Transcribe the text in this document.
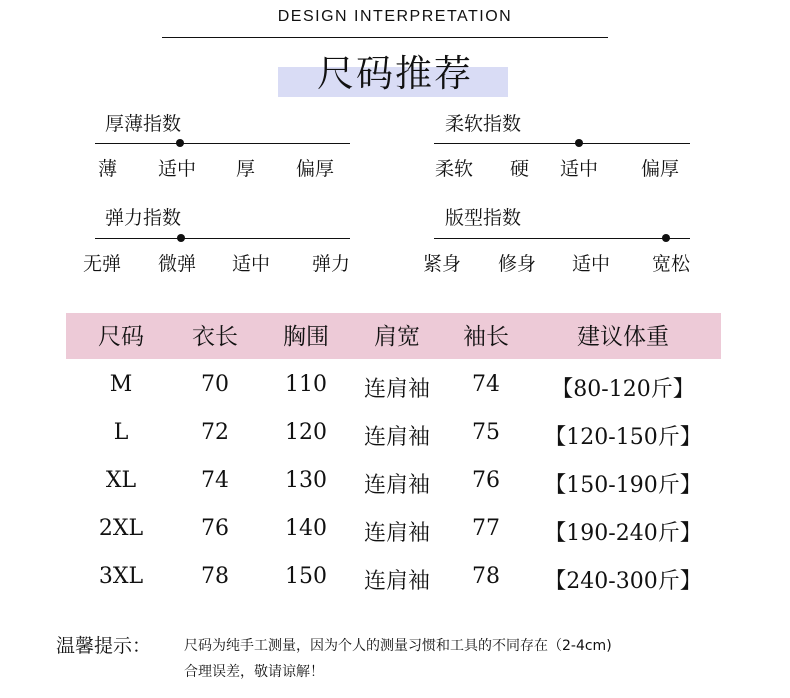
DESIGN INTERPRETATION
尺码推荐
厚薄指数
薄 适中 厚 偏厚
柔软指数
柔软 硬 适中 偏厚
弹力指数
无弹 微弹 适中 弹力
版型指数
紧身 修身 适中 宽松
尺码 衣长 胸围 肩宽 袖长	建议体重
M	70	110 连肩袖 74 【80-120斤】
L	72	120 连肩袖 75 【120-150斤】
XL	74	130 连肩袖 76 【150-190斤】
2XL	76	140 连肩袖 77 【190-240斤】
3XL	78	150 连肩袖 78 【240-300斤】
温馨提示： 尺码为纯手工测量，因为个人的测量习惯和工具的不同存在（2-4cm)
合理误差，敬请谅解！
